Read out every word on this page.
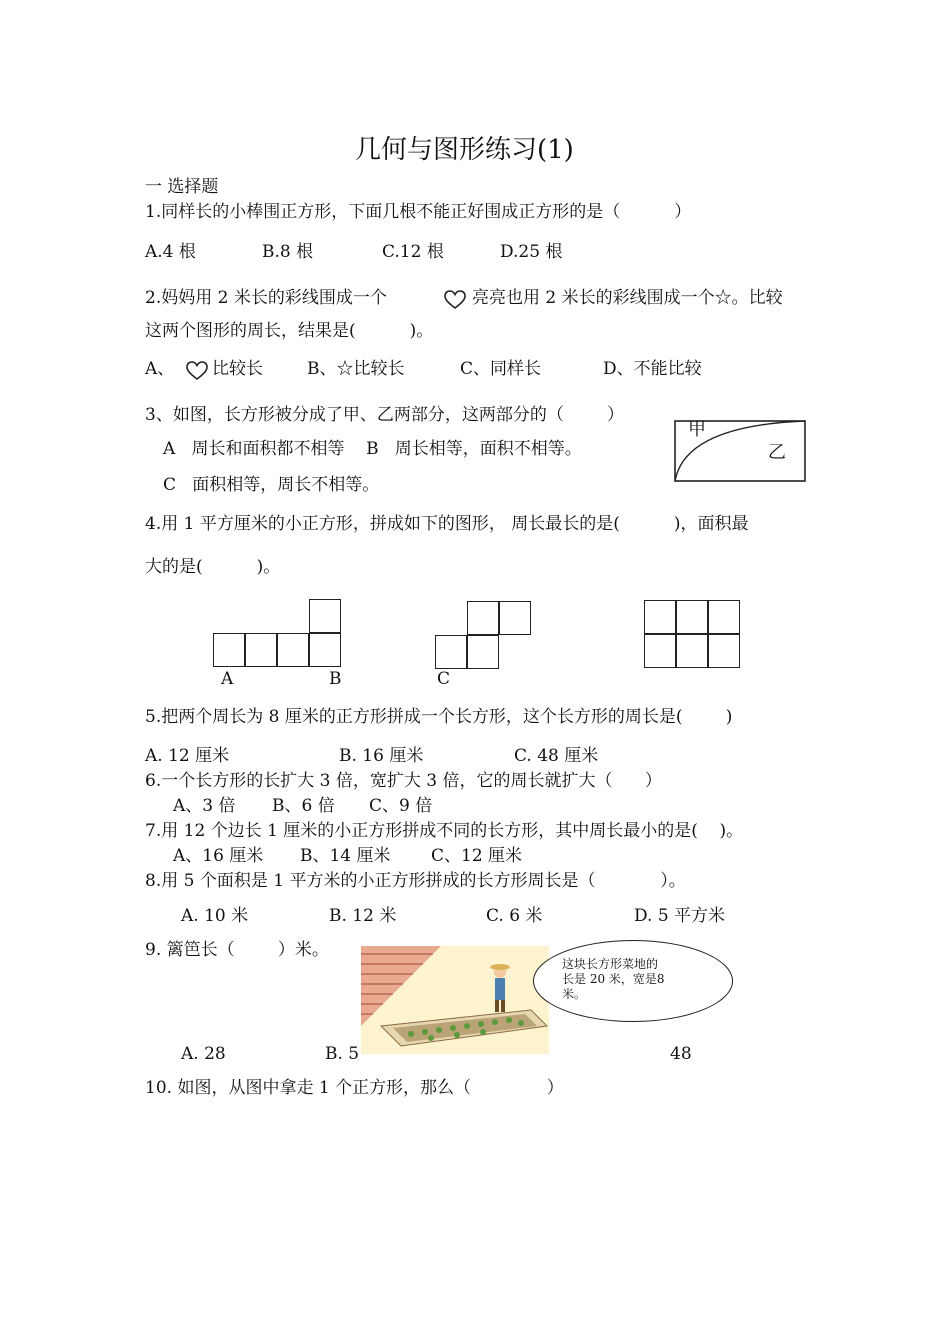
几何与图形练习(1)
一 选择题
1.同样长的小棒围正方形，下面几根不能正好围成正方形的是（          ）
A.4 根	B.8 根	C.12 根	D.25 根
2.妈妈用 2 米长的彩线围成一个	亮亮也用 2 米长的彩线围成一个☆。比较
这两个图形的周长，结果是(          )。
A、 比较长	B、☆比较长	C、同样长	D、不能比较
3、如图，长方形被分成了甲、乙两部分，这两部分的（        ）
A   周长和面积都不相等    B   周长相等，面积不相等。
C   面积相等，周长不相等。
甲
乙
4.用 1 平方厘米的小正方形，拼成如下的图形， 周长最长的是(          )，面积最
大的是(          )。
A	B	C
5.把两个周长为 8 厘米的正方形拼成一个长方形，这个长方形的周长是(        )
A. 12 厘米	B. 16 厘米	C. 48 厘米
6.一个长方形的长扩大 3 倍，宽扩大 3 倍，它的周长就扩大（      ）
A、3 倍 B、6 倍 C、9 倍
7.用 12 个边长 1 厘米的小正方形拼成不同的长方形，其中周长最小的是(    )。
A、16 厘米 B、14 厘米 C、12 厘米
8.用 5 个面积是 1 平方米的小正方形拼成的长方形周长是（            ）。
A. 10 米	B. 12 米	C. 6 米	D. 5 平方米
9. 篱笆长（        ）米。
这块长方形菜地的
长是 20 米，宽是8
米。
A. 28	B. 5	48
10. 如图，从图中拿走 1 个正方形，那么（              ）
